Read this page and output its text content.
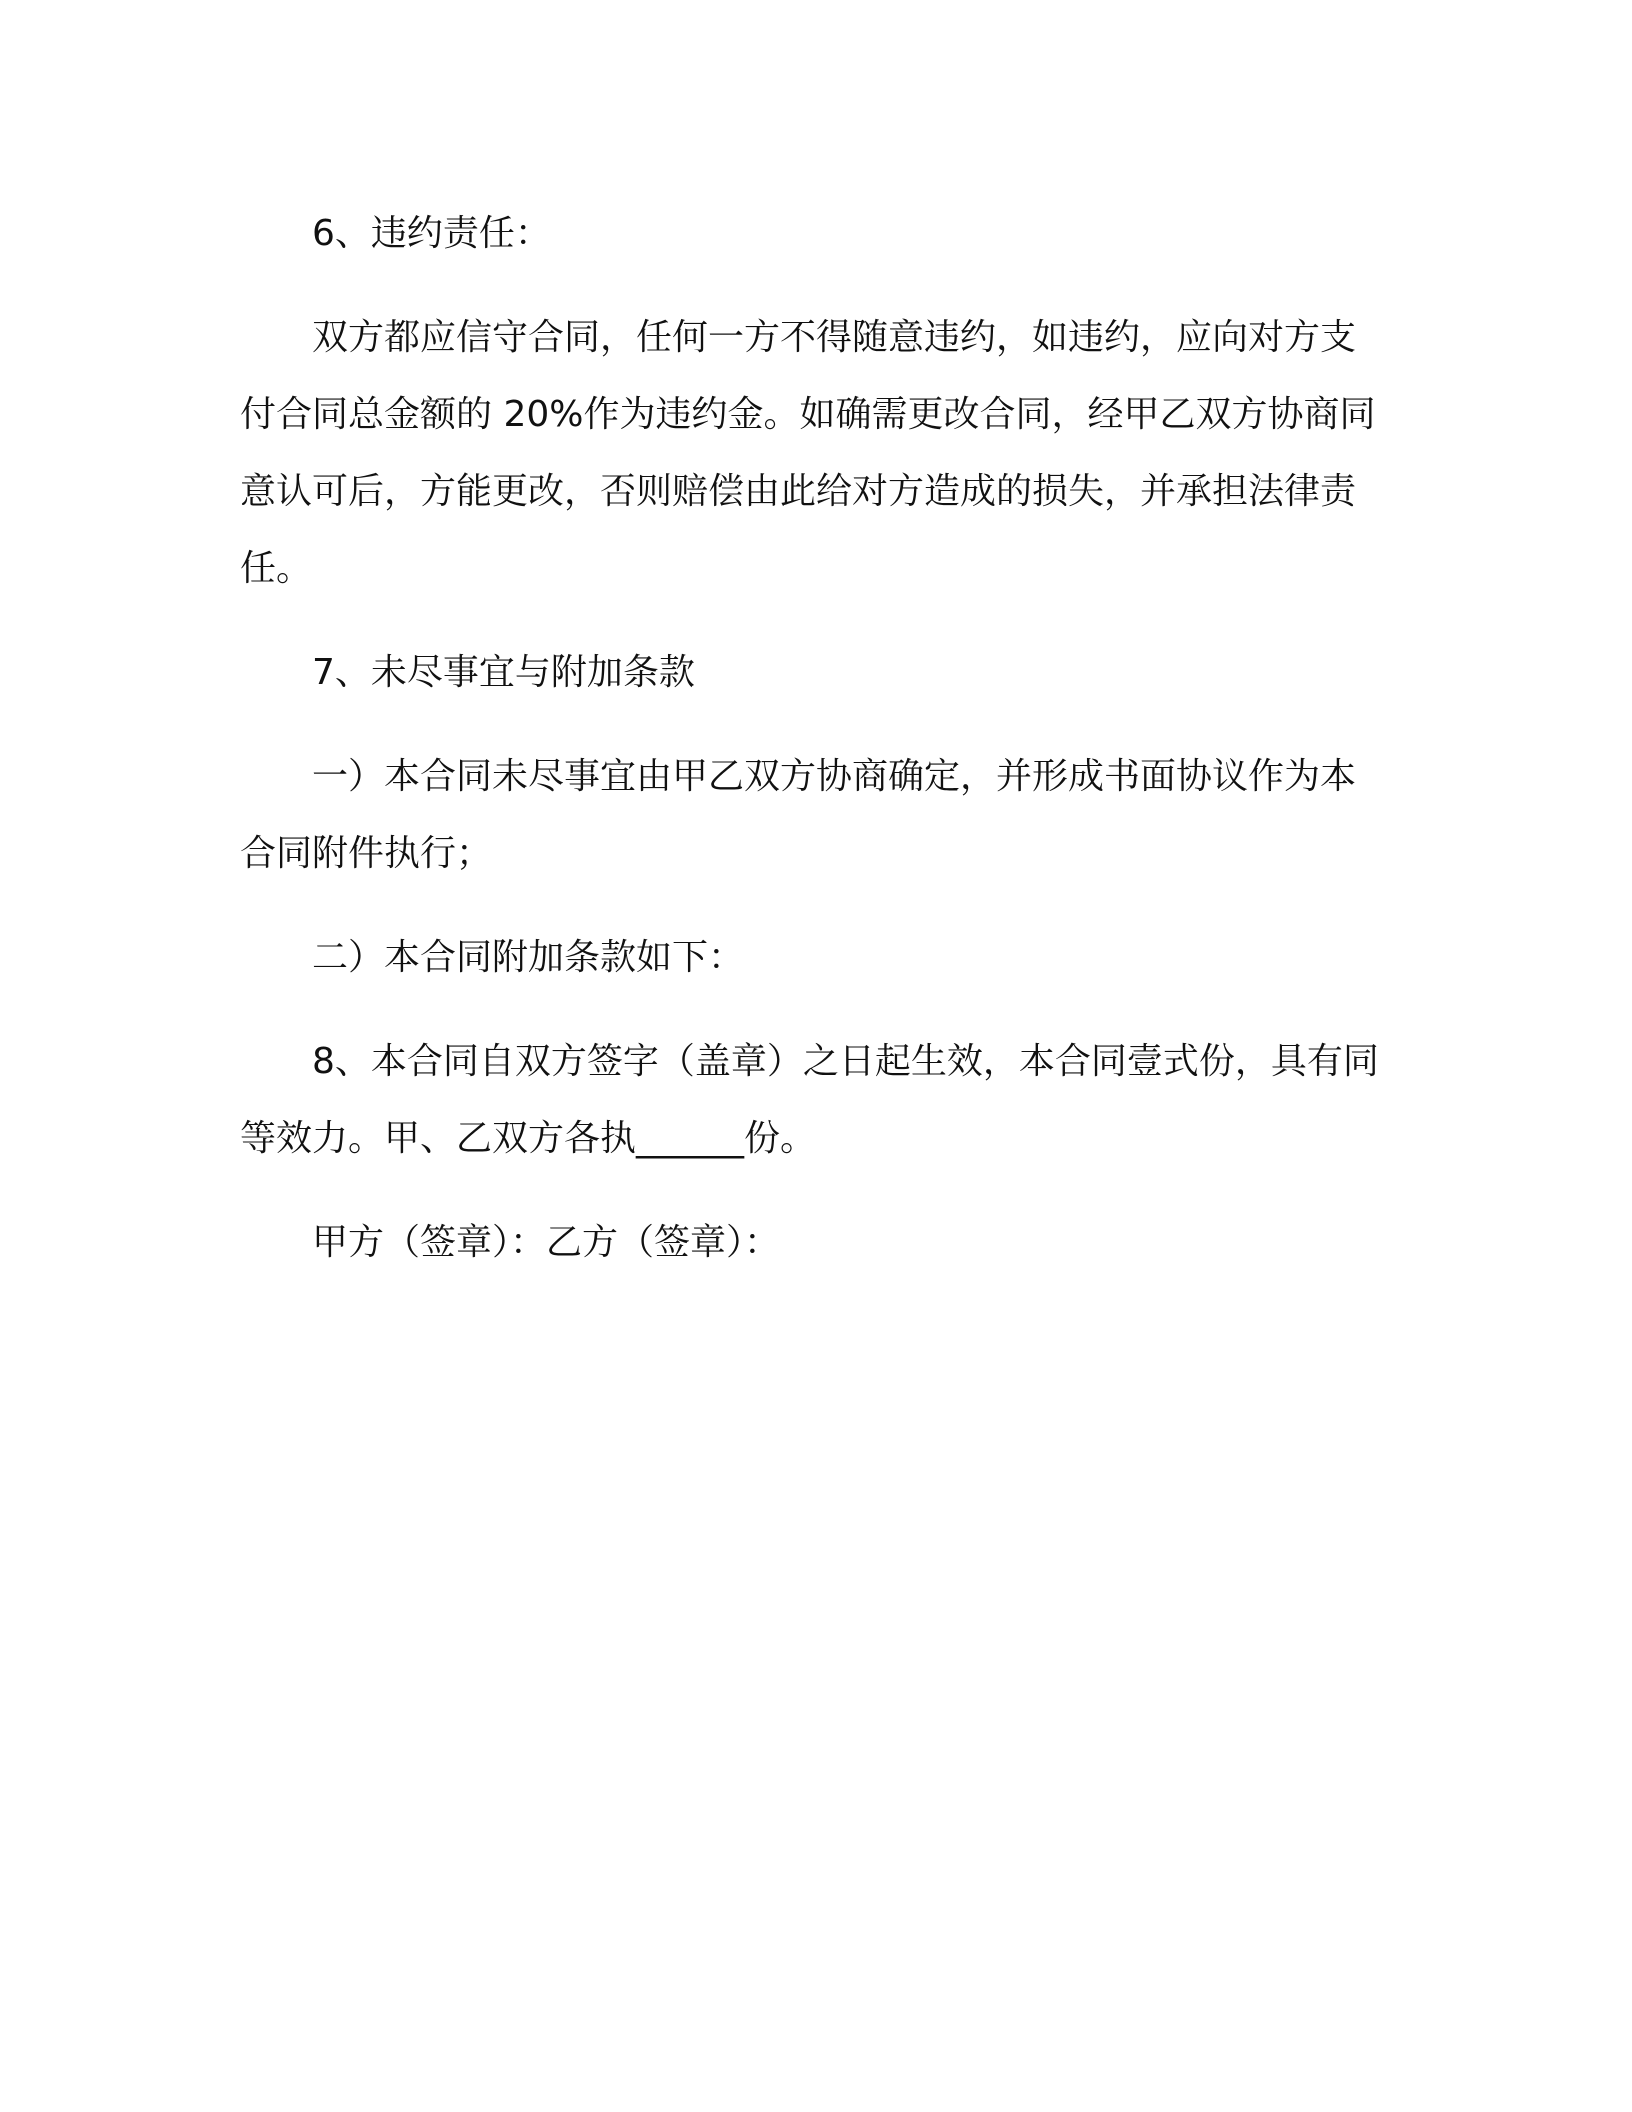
6、违约责任：

双方都应信守合同，任何一方不得随意违约，如违约，应向对方支付合同总金额的 20%作为违约金。如确需更改合同，经甲乙双方协商同意认可后，方能更改，否则赔偿由此给对方造成的损失，并承担法律责任。

7、未尽事宜与附加条款

一）本合同未尽事宜由甲乙双方协商确定，并形成书面协议作为本合同附件执行；

二）本合同附加条款如下：

8、本合同自双方签字（盖章）之日起生效，本合同壹式份，具有同等效力。甲、乙双方各执______份。

甲方（签章）：乙方（签章）：
